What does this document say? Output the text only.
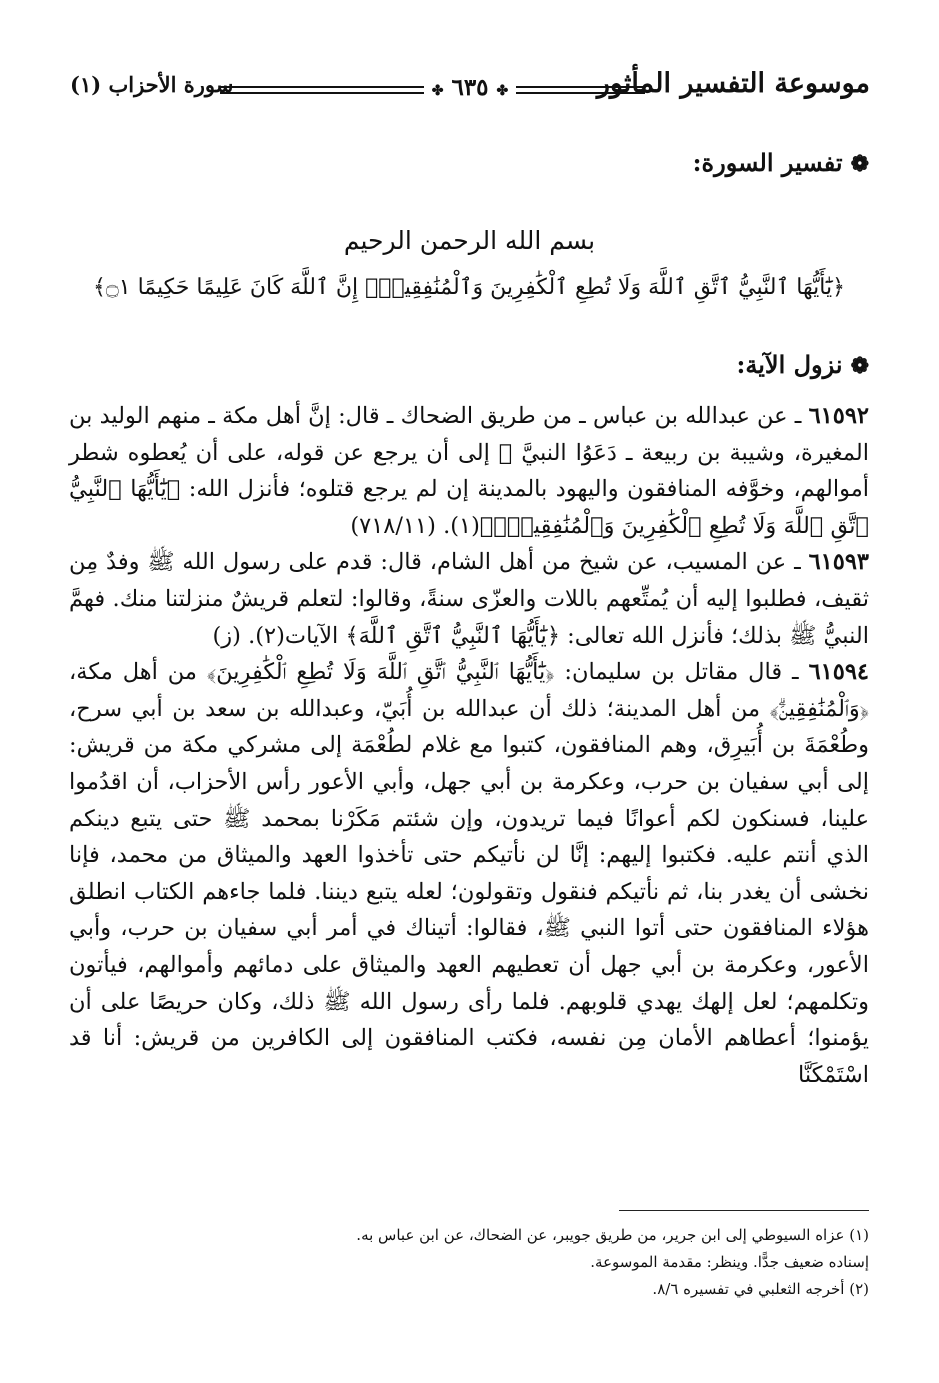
موسوعة التفسير المأثور
✤ ٦٣٥ ✤
سورة الأحزاب (١)
❁تفسير السورة:
بسم الله الرحمن الرحيم
﴿يَٰٓأَيُّهَا ٱلنَّبِيُّ ٱتَّقِ ٱللَّهَ وَلَا تُطِعِ ٱلْكَٰفِرِينَ وَٱلْمُنَٰفِقِينَۗ إِنَّ ٱللَّهَ كَانَ عَلِيمًا حَكِيمًا ۝١﴾
❁نزول الآية:

٦١٥٩٢ ـ عن عبدالله بن عباس ـ من طريق الضحاك ـ قال: إنَّ أهل مكة ـ منهم الوليد بن المغيرة، وشيبة بن ربيعة ـ دَعَوُا النبيَّ ﷺ إلى أن يرجع عن قوله، على أن يُعطوه شطر أموالهم، وخوَّفه المنافقون واليهود بالمدينة إن لم يرجع قتلوه؛ فأنزل الله: ﴿يَٰٓأَيُّهَا ٱلنَّبِيُّ ٱتَّقِ ٱللَّهَ وَلَا تُطِعِ ٱلْكَٰفِرِينَ وَٱلْمُنَٰفِقِينَۗ﴾(١). (٧١٨/١١)

٦١٥٩٣ ـ عن المسيب، عن شيخ من أهل الشام، قال: قدم على رسول الله ﷺ وفدٌ مِن ثقيف، فطلبوا إليه أن يُمتِّعهم باللات والعزّى سنةً، وقالوا: لتعلم قريشٌ منزلتنا منك. فهمَّ النبيُّ ﷺ بذلك؛ فأنزل الله تعالى: ﴿يَٰٓأَيُّهَا ٱلنَّبِيُّ ٱتَّقِ ٱللَّهَ﴾ الآيات(٢). (ز)

٦١٥٩٤ ـ قال مقاتل بن سليمان: ﴿يَٰٓأَيُّهَا ٱلنَّبِيُّ ٱتَّقِ ٱللَّهَ وَلَا تُطِعِ ٱلْكَٰفِرِينَ﴾ من أهل مكة، ﴿وَٱلْمُنَٰفِقِينَۗ﴾ من أهل المدينة؛ ذلك أن عبدالله بن أُبَيّ، وعبدالله بن سعد بن أبي سرح، وطُعْمَةَ بن أُبَيرِق، وهم المنافقون، كتبوا مع غلام لطُعْمَة إلى مشركي مكة من قريش: إلى أبي سفيان بن حرب، وعكرمة بن أبي جهل، وأبي الأعور رأس الأحزاب، أن اقدُموا علينا، فسنكون لكم أعوانًا فيما تريدون، وإن شئتم مَكَرْنا بمحمد ﷺ حتى يتبع دينكم الذي أنتم عليه. فكتبوا إليهم: إنَّا لن نأتيكم حتى تأخذوا العهد والميثاق من محمد، فإنا نخشى أن يغدر بنا، ثم نأتيكم فنقول وتقولون؛ لعله يتبع ديننا. فلما جاءهم الكتاب انطلق هؤلاء المنافقون حتى أتوا النبي ﷺ، فقالوا: أتيناك في أمر أبي سفيان بن حرب، وأبي الأعور، وعكرمة بن أبي جهل أن تعطيهم العهد والميثاق على دمائهم وأموالهم، فيأتون وتكلمهم؛ لعل إلهك يهدي قلوبهم. فلما رأى رسول الله ﷺ ذلك، وكان حريصًا على أن يؤمنوا؛ أعطاهم الأمان مِن نفسه، فكتب المنافقون إلى الكافرين من قريش: أنا قد اسْتَمْكَنَّا

(١) عزاه السيوطي إلى ابن جرير، من طريق جويبر، عن الضحاك، عن ابن عباس به.
إسناده ضعيف جدًّا. وينظر: مقدمة الموسوعة.
(٢) أخرجه الثعلبي في تفسيره ٨/٦.
